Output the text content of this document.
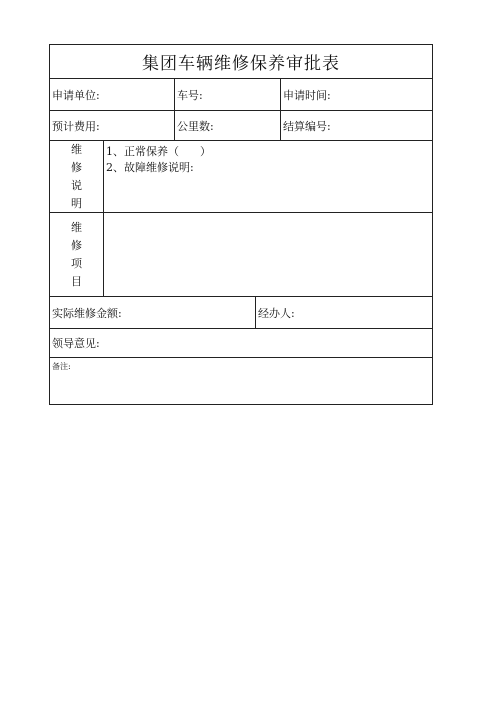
集团车辆维修保养审批表
申请单位:	车号:	申请时间:
预计费用:	公里数:	结算编号:
维
修
说
明
1、正常保养（      ）
2、故障维修说明:
维
修
项
目
实际维修金额:	经办人:
领导意见:
备注:
